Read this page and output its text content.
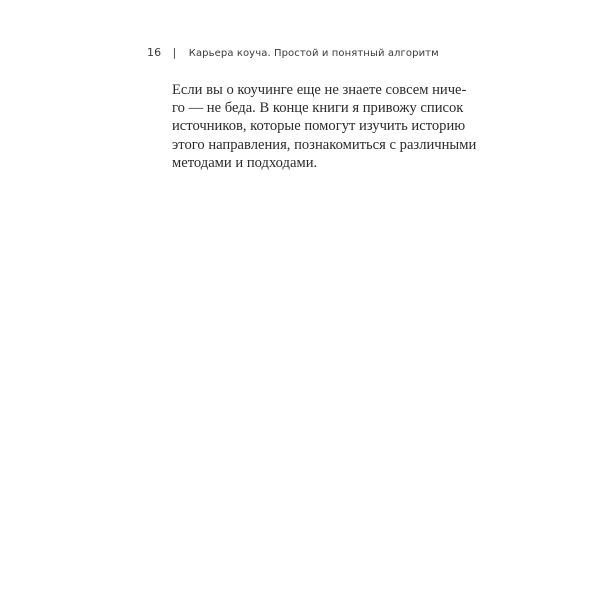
16 | Карьера коуча. Простой и понятный алгоритм
Если вы о коучинге еще не знаете совсем ниче-
го — не беда. В конце книги я привожу список
источников, которые помогут изучить историю
этого направления, познакомиться с различными
методами и подходами.
